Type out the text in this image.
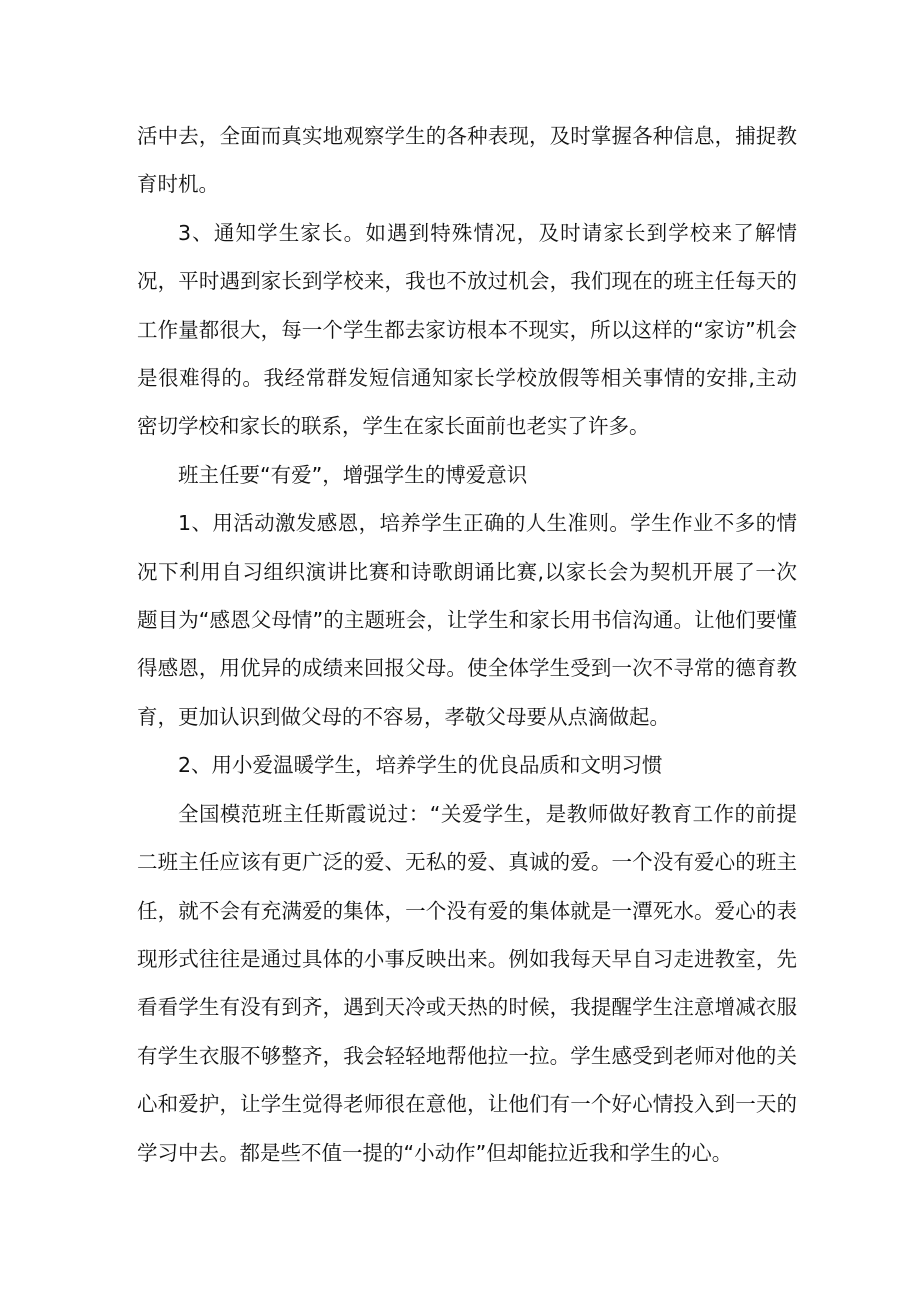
活中去，全面而真实地观察学生的各种表现，及时掌握各种信息，捕捉教育时机。

3、通知学生家长。如遇到特殊情况，及时请家长到学校来了解情况，平时遇到家长到学校来，我也不放过机会，我们现在的班主任每天的工作量都很大，每一个学生都去家访根本不现实，所以这样的“家访”机会是很难得的。我经常群发短信通知家长学校放假等相关事情的安排,主动密切学校和家长的联系，学生在家长面前也老实了许多。

班主任要“有爱”，增强学生的博爱意识

1、用活动激发感恩，培养学生正确的人生准则。学生作业不多的情况下利用自习组织演讲比赛和诗歌朗诵比赛,以家长会为契机开展了一次题目为“感恩父母情”的主题班会，让学生和家长用书信沟通。让他们要懂得感恩，用优异的成绩来回报父母。使全体学生受到一次不寻常的德育教育，更加认识到做父母的不容易，孝敬父母要从点滴做起。

2、用小爱温暖学生，培养学生的优良品质和文明习惯

全国模范班主任斯霞说过：“关爱学生，是教师做好教育工作的前提二班主任应该有更广泛的爱、无私的爱、真诚的爱。一个没有爱心的班主任，就不会有充满爱的集体，一个没有爱的集体就是一潭死水。爱心的表现形式往往是通过具体的小事反映出来。例如我每天早自习走进教室，先看看学生有没有到齐，遇到天冷或天热的时候，我提醒学生注意增减衣服有学生衣服不够整齐，我会轻轻地帮他拉一拉。学生感受到老师对他的关心和爱护，让学生觉得老师很在意他，让他们有一个好心情投入到一天的学习中去。都是些不值一提的“小动作”但却能拉近我和学生的心。
